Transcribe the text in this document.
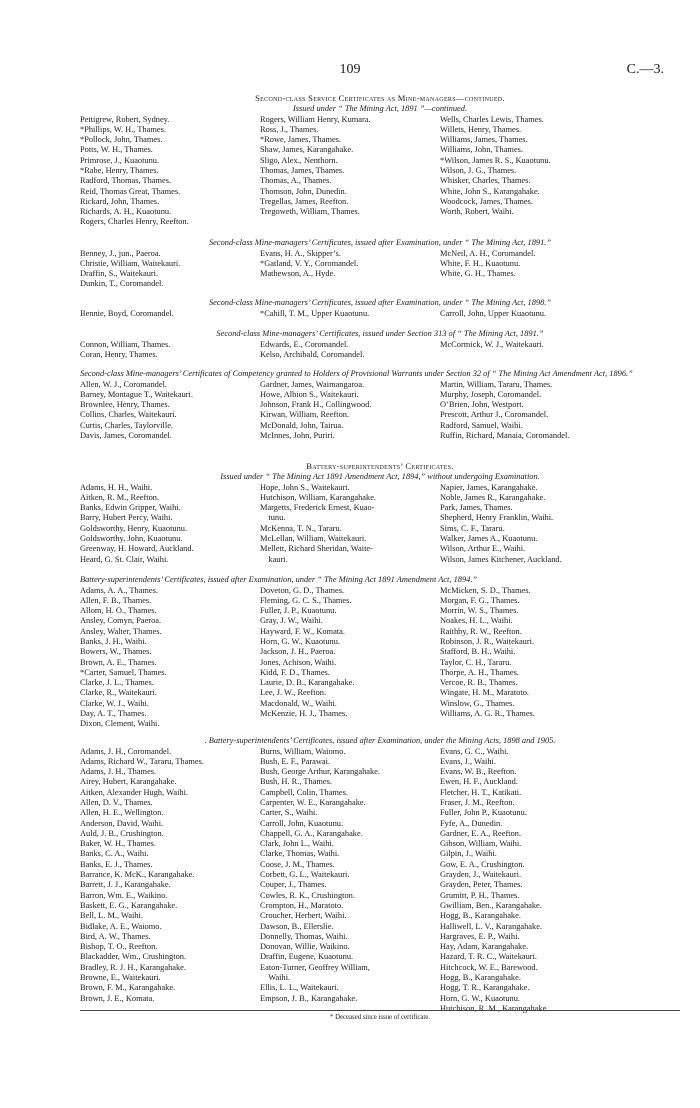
109	C.—3.
Second-class Service Certificates as Mine-managers—continued.
Issued under “ The Mining Act, 1891 ”—continued.
Pettigrew, Robert, Sydney.
*Phillips, W. H., Thames.
*Pollock, John, Thames.
Potts, W. H., Thames.
Primrose, J., Kuaotunu.
*Rabe, Henry, Thames.
Radford, Thomas, Thames.
Reid, Thomas Great, Thames.
Rickard, John, Thames.
Richards, A. H., Kuaotunu.
Rogers, Charles Henry, Reefton.
Rogers, William Henry, Kumara.
Ross, J., Thames.
*Rowe, James, Thames.
Shaw, James, Karangahake.
Sligo, Alex., Nenthorn.
Thomas, James, Thames.
Thomas, A., Thames.
Thomson, John, Dunedin.
Tregellas, James, Reefton.
Tregoweth, William, Thames.
Wells, Charles Lewis, Thames.
Willets, Henry, Thames.
Williams, James, Thames.
Williams, John, Thames.
*Wilson, James R. S., Kuaotunu.
Wilson, J. G., Thames.
Whisker, Charles, Thames.
White, John S., Karangahake.
Woodcock, James, Thames.
Worth, Robert, Waihi.
Second-class Mine-managers’ Certificates, issued after Examination, under “ The Mining Act, 1891.”
Benney, J., jun., Paeroa.
Christie, William, Waitekauri.
Draffin, S., Waitekauri.
Dunkin, T., Coromandel.
Evans, H. A., Skipper’s.
*Gatland, V. Y., Coromandel.
Mathewson, A., Hyde.
McNeil, A. H., Coromandel.
White, F. H., Kuaotunu.
White, G. H., Thames.
Second-class Mine-managers’ Certificates, issued after Examination, under “ The Mining Act, 1898.”
Bennie, Boyd, Coromandel.	*Cahill, T. M., Upper Kuaotunu.	Carroll, John, Upper Kuaotunu.
Second-class Mine-managers’ Certificates, issued under Section 313 of “ The Mining Act, 1891.”
Connon, William, Thames.
Coran, Henry, Thames.
Edwards, E., Coromandel.
Kelso, Archibald, Coromandel.
McCormick, W. J., Waitekauri.
Second-class Mine-managers’ Certificates of Competency granted to Holders of Provisional Warrants under Section 32 of “ The Mining Act Amendment Act, 1896.”
Allen, W. J., Coromandel.
Barney, Montague T., Waitekauri.
Brownlee, Henry, Thames.
Collins, Charles, Waitekauri.
Curtis, Charles, Taylorville.
Davis, James, Coromandel.
Gardner, James, Waimangaroa.
Howe, Albion S., Waitekauri.
Johnson, Frank H., Collingwood.
Kirwan, William, Reefton.
McDonald, John, Tairua.
McInnes, John, Puriri.
Martin, William, Tararu, Thames.
Murphy, Joseph, Coromandel.
O’Brien, John, Westport.
Prescott, Arthur J., Coromandel.
Radford, Samuel, Waihi.
Ruffin, Richard, Manaia, Coromandel.
Battery-superintendents’ Certificates.
Issued under “ The Mining Act 1891 Amendment Act, 1894,” without undergoing Examination.
Adams, H. H., Waihi.
Aitken, R. M., Reefton.
Banks, Edwin Gripper, Waihi.
Barry, Hubert Percy, Waihi.
Goldsworthy, Henry, Kuaotunu.
Goldsworthy, John, Kuaotunu.
Greenway, H. Howard, Auckland.
Heard, G. St. Clair, Waihi.
Hope, John S., Waitekauri.
Hutchison, William, Karangahake.
Margetts, Frederick Ernest, Kuao-
tunu.
McKenna, T. N., Tararu.
McLellan, William, Waitekauri.
Mellett, Richard Sheridan, Waite-
kauri.
Napier, James, Karangahake.
Noble, James R., Karangahake.
Park, James, Thames.
Shepherd, Henry Franklin, Waihi.
Sims, C. F., Tararu.
Walker, James A., Kuaotunu.
Wilson, Arthur E., Waihi.
Wilson, James Kitchener, Auckland.
Battery-superintendents’ Certificates, issued after Examination, under “ The Mining Act 1891 Amendment Act, 1894.”
Adams, A. A., Thames.
Allen, F. B., Thames.
Allom, H. O., Thames.
Ansley, Comyn, Paeroa.
Ansley, Walter, Thames.
Banks, J. H., Waihi.
Bowers, W., Thames.
Brown, A. E., Thames.
*Carter, Samuel, Thames.
Clarke, J. L., Thames.
Clarke, R., Waitekauri.
Clarke, W. J., Waihi.
Day, A. T., Thames.
Dixon, Clement, Waihi.
Doveton, G. D., Thames.
Fleming, G. C. S., Thames.
Fuller, J. P., Kuaotunu.
Gray, J. W., Waihi.
Hayward, F. W., Komata.
Horn, G. W., Kuaotunu.
Jackson, J. H., Paeroa.
Jones, Achison, Waihi.
Kidd, F. D., Thames.
Laurie, D. B., Karangahake.
Lee, J. W., Reefton.
Macdonald, W., Waihi.
McKenzie, H. J., Thames.
McMicken, S. D., Thames.
Morgan, F. G., Thames.
Morrin, W. S., Thames.
Noakes, H. L., Waihi.
Raithby, R. W., Reefton.
Robinson, J. R., Waitekauri.
Stafford, B. H., Waihi.
Taylor, C. H., Tararu.
Thorpe, A. H., Thames.
Vercoe, R. B., Thames.
Wingate, H. M., Maratoto.
Winslow, G., Thames.
Williams, A. G. R., Thames.
. Battery-superintendents’ Certificates, issued after Examination, under the Mining Acts, 1898 and 1905.
Adams, J. H., Coromandel.
Adams, Richard W., Tararu, Thames.
Adams, J. H., Thames.
Airey, Hubert, Karangahake.
Aitken, Alexander Hugh, Waihi.
Allen, D. V., Thames.
Allen, H. E., Wellington.
Anderson, David, Waihi.
Auld, J. B., Crushington.
Baker, W. H., Thames.
Banks, C. A., Waihi.
Banks, E. J., Thames.
Barrance, K. McK., Karangahake.
Barrett, J. J., Karangahake.
Barron, Wm. E., Waikino.
Baskett, E. G., Karangahake.
Bell, L. M., Waihi.
Bidlake, A. E., Waiomo.
Bird, A. W., Thames.
Bishop, T. O., Reefton.
Blackadder, Wm., Crushington.
Bradley, R. J. H., Karangahake.
Browne, E., Waitekauri.
Brown, F. M., Karangahake.
Brown, J. E., Komata.
Burns, William, Waiomo.
Bush, E. F., Parawai.
Bush, George Arthur, Karangahake.
Bush, H. R., Thames.
Campbell, Colin, Thames.
Carpenter, W. E., Karangahake.
Carter, S., Waihi.
Carroll, John, Kuaotunu.
Chappell, G. A., Karangahake.
Clark, John L., Waihi.
Clarke, Thomas, Waihi.
Coose, J. M., Thames.
Corbett, G. L., Waitekauri.
Couper, J., Thames.
Cowles, R. K., Crushington.
Crompton, H., Maratoto.
Croucher, Herbert, Waihi.
Dawson, B., Ellerslie.
Donnelly, Thomas, Waihi.
Donovan, Willie, Waikino.
Draffin, Eugene, Kuaotunu.
Eaton-Turner, Geoffrey William,
Waihi.
Ellis, L. L., Waitekauri.
Empson, J. B., Karangahake.
Evans, G. C., Waihi.
Evans, J., Waihi.
Evans, W. B., Reefton.
Ewen, H. F., Auckland.
Fletcher, H. T., Katikati.
Fraser, J. M., Reefton.
Fuller, John P., Kuaotunu.
Fyfe, A., Dunedin.
Gardner, E. A., Reefton.
Gibson, William, Waihi.
Gilpin, J., Waihi.
Gow, E. A., Crushington.
Grayden, J., Waitekauri.
Grayden, Peter, Thames.
Grumitt, P. H., Thames.
Gwilliam, Ben., Karangahake.
Hogg, B., Karangahake.
Halliwell, L. V., Karangahake.
Hargraves, E. P., Waihi.
Hay, Adam, Karangahake.
Hazard, T. R. C., Waitekauri.
Hitchcock, W. E., Barewood.
Hogg, B., Karangahake.
Hogg, T. R., Karangahake.
Horn, G. W., Kuaotunu.
Hutchison, R. M., Karangahake.
* Deceased since issue of certificate.
